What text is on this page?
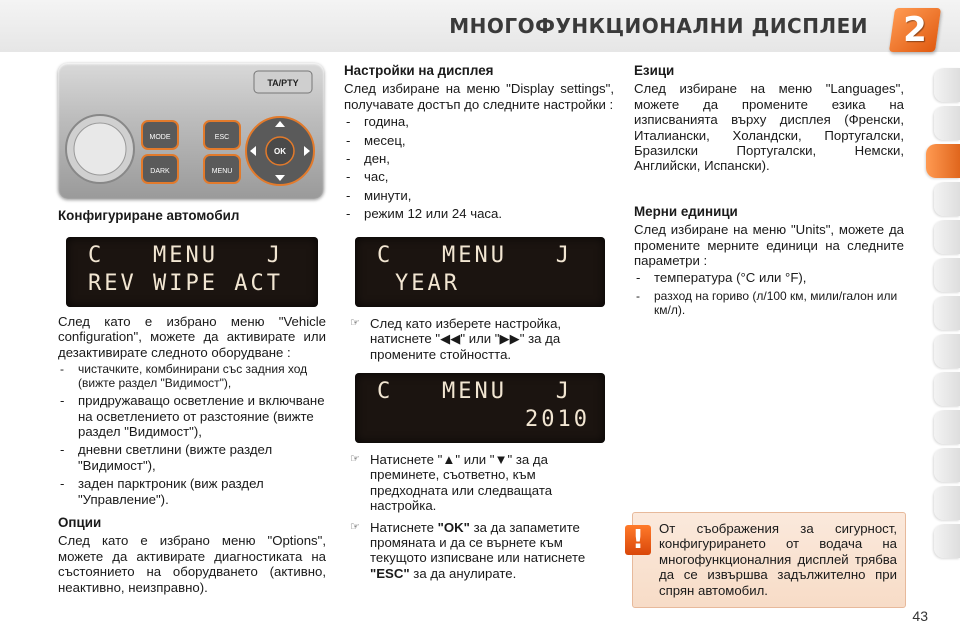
МНОГОФУНКЦИОНАЛНИ ДИСПЛЕИ	2
TA/PTY
MODE
DARK
ESC
MENU
OK
Конфигуриране автомобил
C   MENU   J
REV WIPE ACT

След като е избрано меню "Vehicle configuration", можете да активирате или дезактивирате следното оборудване :

- чистачките, комбинирани със задния ход (вижте раздел "Видимост"),
- придружаващо осветление и включване на осветлението от разстояние (вижте раздел "Видимост"),
- дневни светлини (вижте раздел "Видимост"),
- заден парктроник (виж раздел "Управление").
Опции

След като е избрано меню "Options", можете да активирате диагностиката на състоянието на оборудването (активно, неактивно, неизправно).

Настройки на дисплея

След избиране на меню "Display settings", получавате достъп до следните настройки :

- година,
- месец,
- ден,
- час,
- минути,
- режим 12 или 24 часа.
C   MENU   J
YEAR
☞ След като изберете настройка, натиснете "◀◀" или "▶▶" за да промените стойността.
C   MENU   J
2010
☞ Натиснете "▲" или "▼" за да преминете, съответно, към предходната или следващата настройка.
☞ Натиснете "OK" за да запаметите промяната и да се върнете към текущото изписване или натиснете "ESC" за да анулирате.
Езици

След избиране на меню "Languages", можете да промените езика на изписванията върху дисплея (Френски, Италиански, Холандски, Португалски, Бразилски Португалски, Немски, Английски, Испански).

Мерни единици

След избиране на меню "Units", можете да промените мерните единици на следните параметри :

- температура (°C или °F),
- разход на гориво (л/100 км, мили/галон или км/л).
!	От съображения за сигурност, конфигурирането от водача на многофункционалния дисплей трябва да се извършва задължително при спрян автомобил.
43
